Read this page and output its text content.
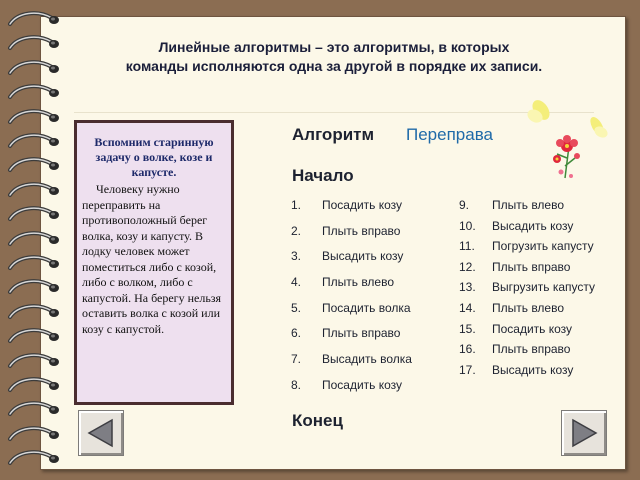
Линейные алгоритмы – это алгоритмы, в которых
команды исполняются одна за другой в порядке их записи.
Вспомним старинную задачу о волке, козе и капусте.
Человеку нужно переправить на противоположный берег волка, козу и капусту. В лодку человек может поместиться либо с козой, либо с волком, либо с капустой. На берегу нельзя оставить волка с козой или козу с капустой.
Алгоритм Переправа
Начало
1. Посадить козу
2. Плыть вправо
3. Высадить козу
4. Плыть влево
5. Посадить волка
6. Плыть вправо
7. Высадить волка
8. Посадить козу
9. Плыть влево
10. Высадить козу
11. Погрузить капусту
12. Плыть вправо
13. Выгрузить капусту
14. Плыть влево
15. Посадить козу
16. Плыть вправо
17. Высадить козу
Конец
